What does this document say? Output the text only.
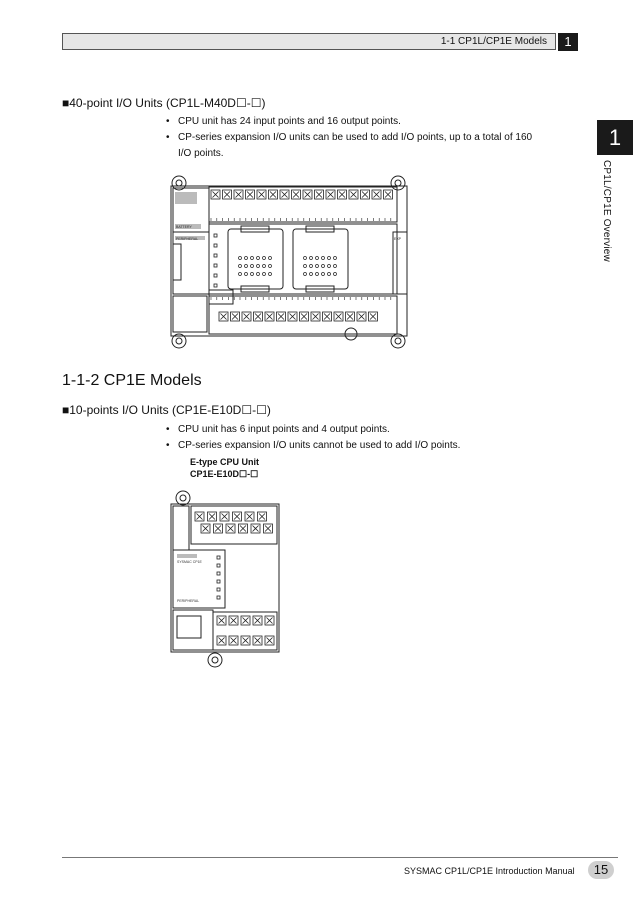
1-1 CP1L/CP1E Models	1
1
CP1L/CP1E Overview
■40-point I/O Units (CP1L-M40D☐-☐)
• CPU unit has 24 input points and 16 output points.
• CP-series expansion I/O units can be used to add I/O points, up to a total of 160
I/O points.
BATTERY
PERIPHERAL	EXP
1-1-2 CP1E Models
■10-points I/O Units (CP1E-E10D☐-☐)
• CPU unit has 6 input points and 4 output points.
• CP-series expansion I/O units cannot be used to add I/O points.
E-type CPU Unit
CP1E-E10D☐-☐
SYSMAC CP1E
PERIPHERAL
SYSMAC CP1L/CP1E Introduction Manual	15
